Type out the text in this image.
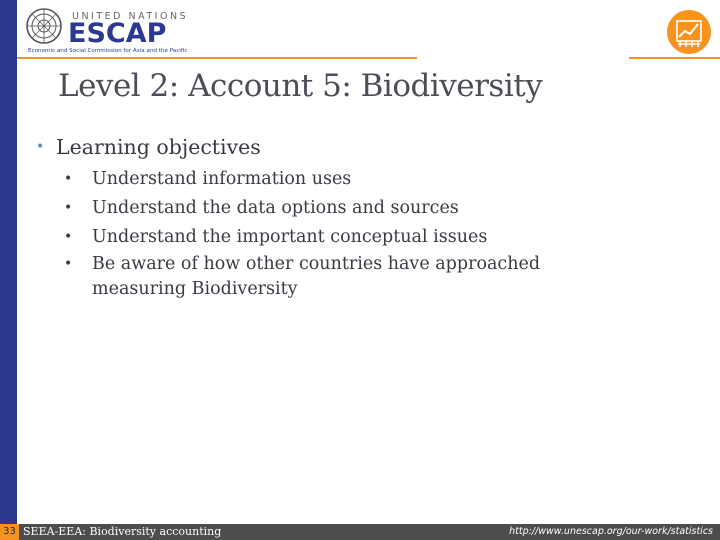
UNITED NATIONS
ESCAP
Economic and Social Commission for Asia and the Pacific
Level 2: Account 5: Biodiversity
• Learning objectives
•	Understand information uses
•	Understand the data options and sources
•	Understand the important conceptual issues
•	Be aware of how other countries have approached measuring Biodiversity
33 SEEA-EEA: Biodiversity accounting	http://www.unescap.org/our-work/statistics
